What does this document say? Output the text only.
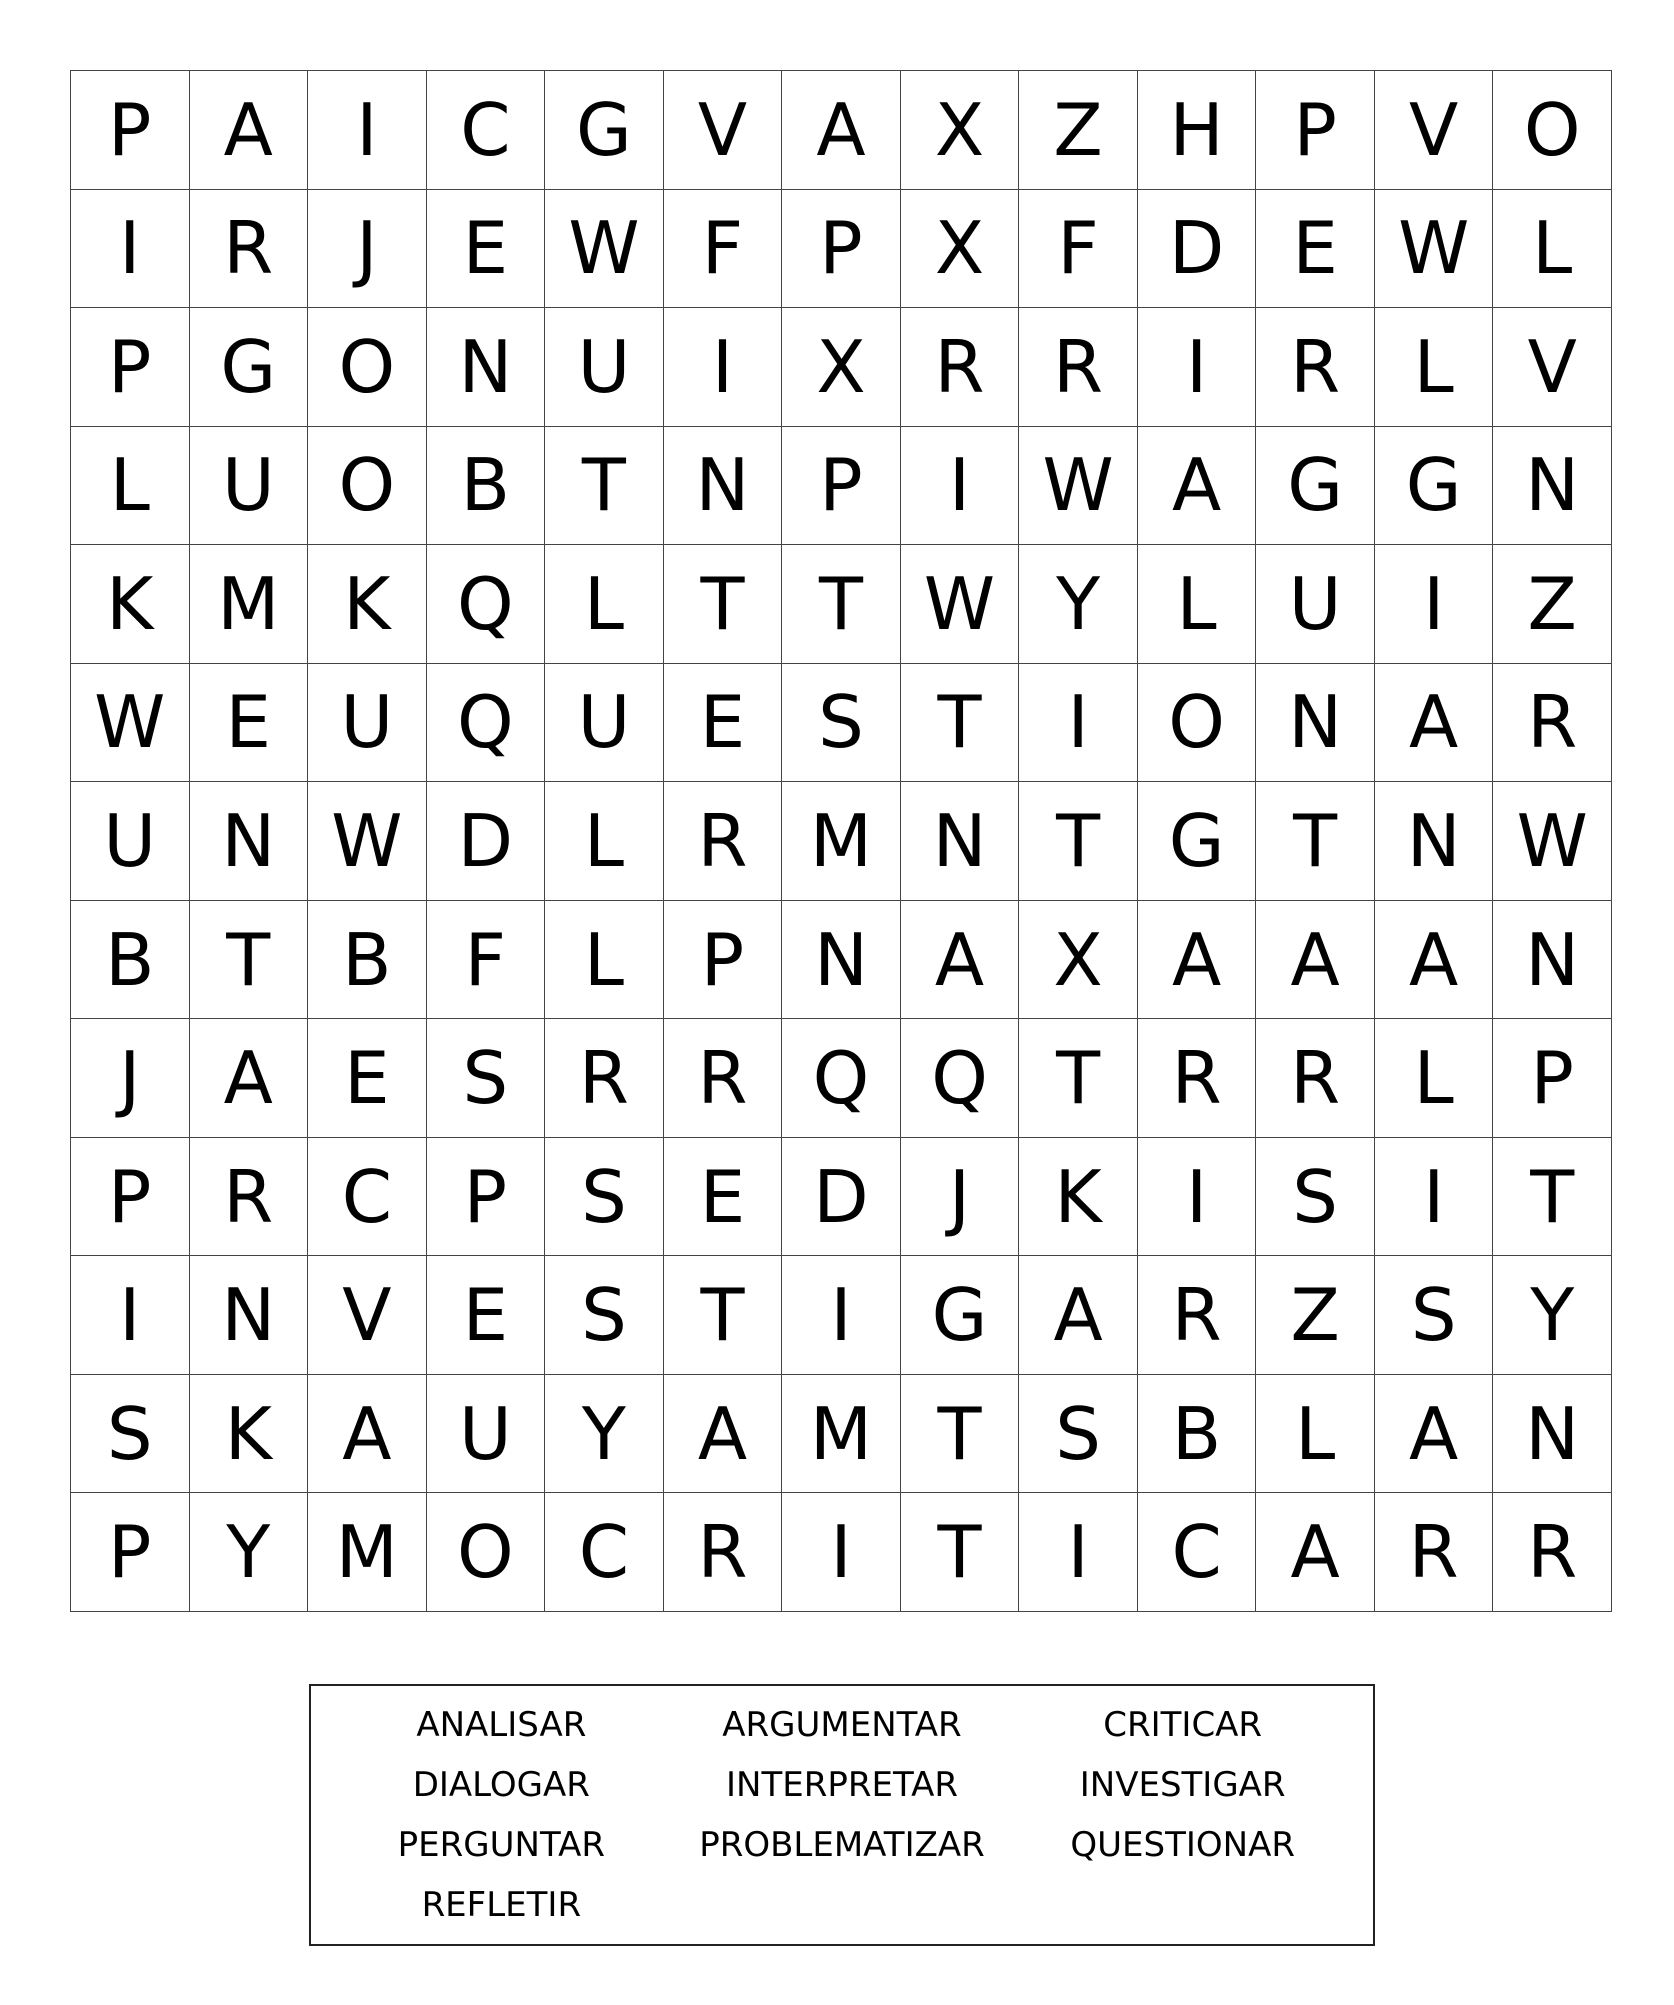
P	A	I	C G V A X Z H P	V O
I	R	J	E W F	P	X	F D E W L
P G O N U	I	X R R	I	R	L	V
L	U O B T N P	I	W A G G N
K M K Q L	T	T W Y	L	U	I	Z
W E U Q U E	S	T	I	O N A R
U N W D L	R M N T G T N W
B T B	F	L	P N A X A A A N
J	A E	S R R Q Q T R R	L	P
P R C P	S	E D	J	K	I	S	I	T
I	N V E	S	T	I	G A R Z S	Y
S	K A U Y A M T	S B	L	A N
P	Y M O C R	I	T	I	C A R R
ANALISAR	ARGUMENTAR	CRITICAR
DIALOGAR	INTERPRETAR	INVESTIGAR
PERGUNTAR	PROBLEMATIZAR	QUESTIONAR
REFLETIR
